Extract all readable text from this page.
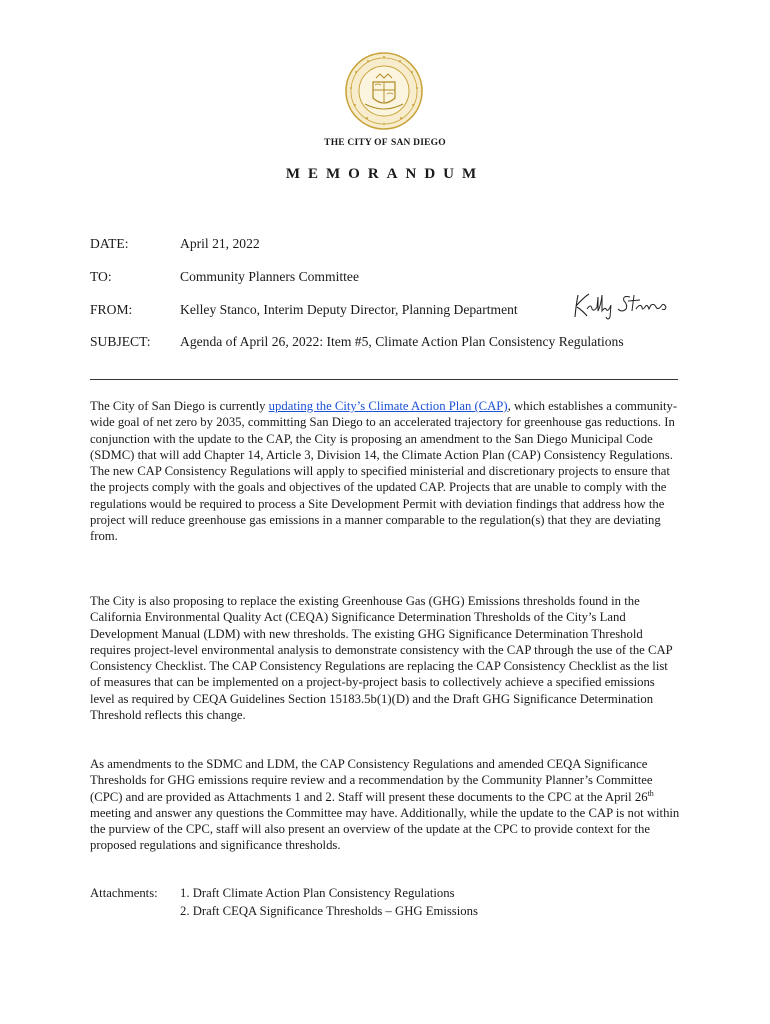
THE CITY OF SAN DIEGO
MEMORANDUM
DATE:	April 21, 2022
TO:	Community Planners Committee
FROM:	Kelley Stanco, Interim Deputy Director, Planning Department
SUBJECT:	Agenda of April 26, 2022: Item #5, Climate Action Plan Consistency Regulations

The City of San Diego is currently updating the City’s Climate Action Plan (CAP), which establishes a community-wide goal of net zero by 2035, committing San Diego to an accelerated trajectory for greenhouse gas reductions. In conjunction with the update to the CAP, the City is proposing an amendment to the San Diego Municipal Code (SDMC) that will add Chapter 14, Article 3, Division 14, the Climate Action Plan (CAP) Consistency Regulations. The new CAP Consistency Regulations will apply to specified ministerial and discretionary projects to ensure that the projects comply with the goals and objectives of the updated CAP. Projects that are unable to comply with the regulations would be required to process a Site Development Permit with deviation findings that address how the project will reduce greenhouse gas emissions in a manner comparable to the regulation(s) that they are deviating from.

The City is also proposing to replace the existing Greenhouse Gas (GHG) Emissions thresholds found in the California Environmental Quality Act (CEQA) Significance Determination Thresholds of the City’s Land Development Manual (LDM) with new thresholds. The existing GHG Significance Determination Threshold requires project-level environmental analysis to demonstrate consistency with the CAP through the use of the CAP Consistency Checklist. The CAP Consistency Regulations are replacing the CAP Consistency Checklist as the list of measures that can be implemented on a project-by-project basis to collectively achieve a specified emissions level as required by CEQA Guidelines Section 15183.5b(1)(D) and the Draft GHG Significance Determination Threshold reflects this change.

As amendments to the SDMC and LDM, the CAP Consistency Regulations and amended CEQA Significance Thresholds for GHG emissions require review and a recommendation by the Community Planner’s Committee (CPC) and are provided as Attachments 1 and 2. Staff will present these documents to the CPC at the April 26th meeting and answer any questions the Committee may have. Additionally, while the update to the CAP is not within the purview of the CPC, staff will also present an overview of the update at the CPC to provide context for the proposed regulations and significance thresholds.

Attachments: 1. Draft Climate Action Plan Consistency Regulations
2. Draft CEQA Significance Thresholds – GHG Emissions
